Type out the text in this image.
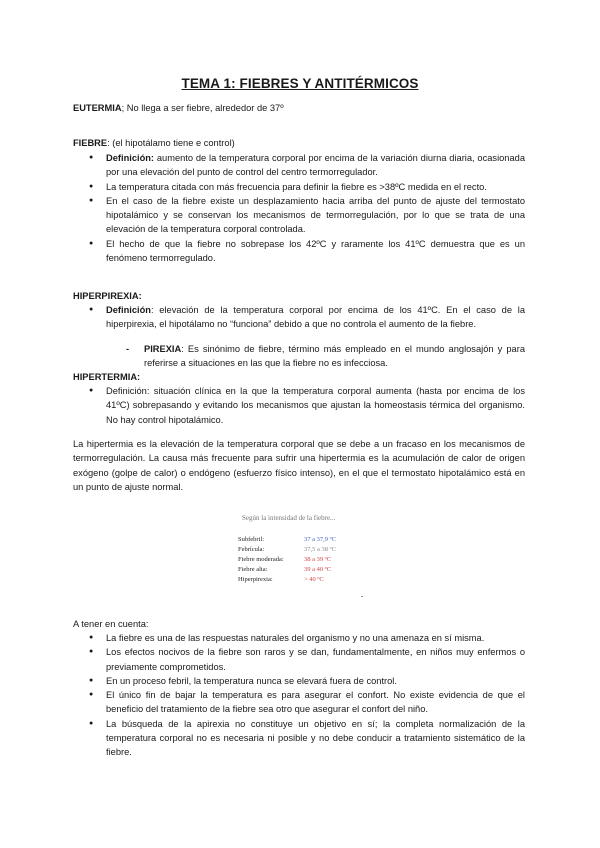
TEMA 1: FIEBRES Y ANTITÉRMICOS
EUTERMIA; No llega a ser fiebre, alrededor de 37º
FIEBRE: (el hipotálamo tiene e control)
● Definición: aumento de la temperatura corporal por encima de la variación diurna diaria, ocasionada por una elevación del punto de control del centro termorregulador.
● La temperatura citada con más frecuencia para definir la fiebre es >38ºC medida en el recto.
● En el caso de la fiebre existe un desplazamiento hacia arriba del punto de ajuste del termostato hipotalámico y se conservan los mecanismos de termorregulación, por lo que se trata de una elevación de la temperatura corporal controlada.
● El hecho de que la fiebre no sobrepase los 42ºC y raramente los 41ºC demuestra que es un fenómeno termorregulado.
HIPERPIREXIA:
● Definición: elevación de la temperatura corporal por encima de los 41ºC. En el caso de la hiperpirexia, el hipotálamo no “funciona” debido a que no controla el aumento de la fiebre.
- PIREXIA: Es sinónimo de fiebre, término más empleado en el mundo anglosajón y para referirse a situaciones en las que la fiebre no es infecciosa.
HIPERTERMIA:
● Definición: situación clínica en la que la temperatura corporal aumenta (hasta por encima de los 41ºC) sobrepasando y evitando los mecanismos que ajustan la homeostasis térmica del organismo. No hay control hipotalámico.
La hipertermia es la elevación de la temperatura corporal que se debe a un fracaso en los mecanismos de termorregulación. La causa más frecuente para sufrir una hipertermia es la acumulación de calor de origen exógeno (golpe de calor) o endógeno (esfuerzo físico intenso), en el que el termostato hipotalámico está en un punto de ajuste normal.
Según la intensidad de la fiebre...
Subfebril:	37 a 37,9 ºC
Febrícula:	37,5 a 38 ºC
Fiebre moderada:	38 a 39 ºC
Fiebre alta:	39 a 40 ºC
Hiperpirexia:	> 40 ºC
A tener en cuenta:
● La fiebre es una de las respuestas naturales del organismo y no una amenaza en sí misma.
● Los efectos nocivos de la fiebre son raros y se dan, fundamentalmente, en niños muy enfermos o previamente comprometidos.
● En un proceso febril, la temperatura nunca se elevará fuera de control.
● El único fin de bajar la temperatura es para asegurar el confort. No existe evidencia de que el beneficio del tratamiento de la fiebre sea otro que asegurar el confort del niño.
● La búsqueda de la apirexia no constituye un objetivo en sí; la completa normalización de la temperatura corporal no es necesaria ni posible y no debe conducir a tratamiento sistemático de la fiebre.
